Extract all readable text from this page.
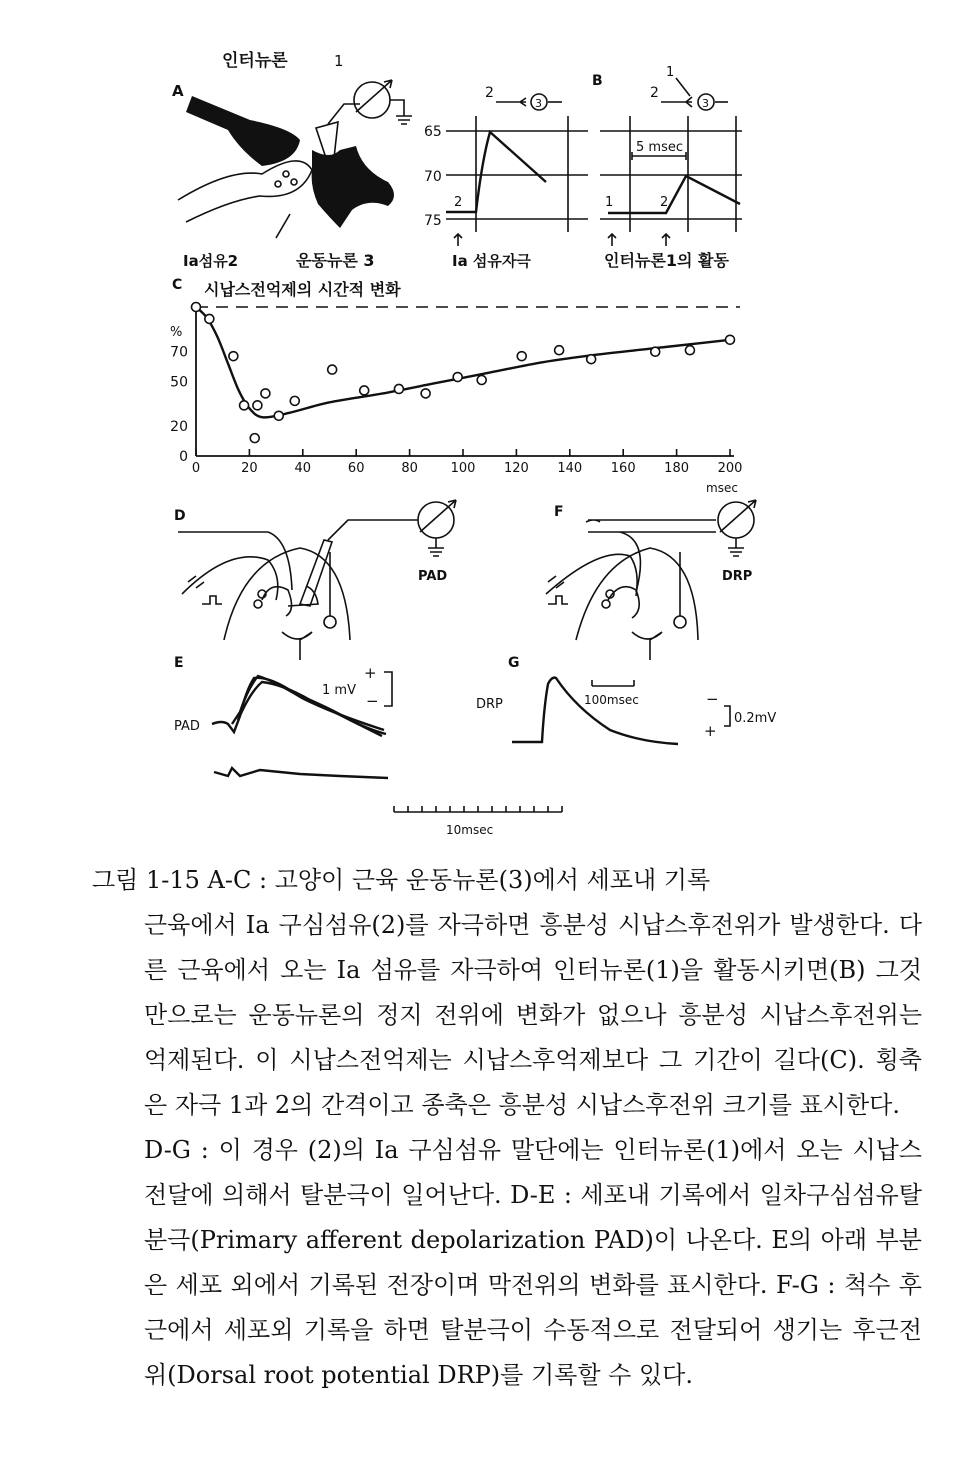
A
인터뉴론	1
Ia섬유2	운동뉴론 3
2
3
65
70
75
2
Ia 섬유자극
B
1
2
3
5 msec
1	2
인터뉴론1의 활동
C 시납스전억제의 시간적 변화
%
msec
0	20	40	60	80	100 120 140 160 180 200
0
20
50
70
D
PAD
F
DRP
E
PAD
1 mV
+
−
10msec
G
DRP	100msec	−
+
0.2mV
그림 1-15 A-C : 고양이 근육 운동뉴론(3)에서 세포내 기록
근육에서 Ia 구심섬유(2)를 자극하면 흥분성 시납스후전위가 발생한다. 다른 근육에서 오는 Ia 섬유를 자극하여 인터뉴론(1)을 활동시키면(B) 그것만으로는 운동뉴론의 정지 전위에 변화가 없으나 흥분성 시납스후전위는 억제된다. 이 시납스전억제는 시납스후억제보다 그 기간이 길다(C). 횡축은 자극 1과 2의 간격이고 종축은 흥분성 시납스후전위 크기를 표시한다.
D-G : 이 경우 (2)의 Ia 구심섬유 말단에는 인터뉴론(1)에서 오는 시납스 전달에 의해서 탈분극이 일어난다. D-E : 세포내 기록에서 일차구심섬유탈분극(Primary afferent depolarization PAD)이 나온다. E의 아래 부분은 세포 외에서 기록된 전장이며 막전위의 변화를 표시한다. F-G : 척수 후근에서 세포외 기록을 하면 탈분극이 수동적으로 전달되어 생기는 후근전위(Dorsal root potential DRP)를 기록할 수 있다.
